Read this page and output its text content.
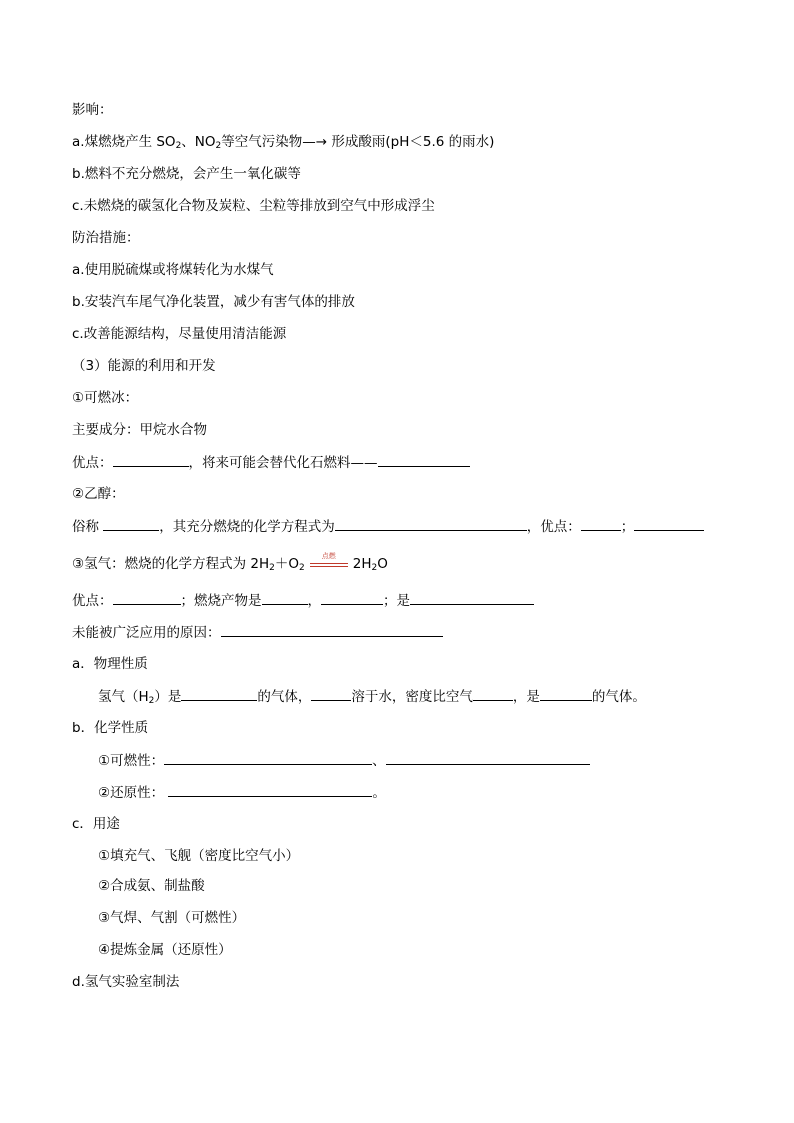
影响：
a.煤燃烧产生 $SO_2$、$NO_2$等空气污染物—→ 形成酸雨(pH＜5.6 的雨水)
b.燃料不充分燃烧，会产生一氧化碳等
c.未燃烧的碳氢化合物及炭粒、尘粒等排放到空气中形成浮尘
防治措施：
a.使用脱硫煤或将煤转化为水煤气
b.安装汽车尾气净化装置，减少有害气体的排放
c.改善能源结构，尽量使用清洁能源
（3）能源的利用和开发
①可燃冰：
主要成分：甲烷水合物
优点：	，将来可能会替代化石燃料——
②乙醇：
俗称	，其充分燃烧的化学方程式为	，优点：	；
③氢气：燃烧的化学方程式为 $2H_2+O_2$
点燃	$2H_2O$
优点：	；燃烧产物是	，	；是
未能被广泛应用的原因：
a．物理性质
氢气$(H_2)$是	的气体，	溶于水，密度比空气	，是	的气体。
b．化学性质
①可燃性：	、
②还原性：	。
c．用途
①填充气、飞舰（密度比空气小）
②合成氨、制盐酸
③气焊、气割（可燃性）
④提炼金属（还原性）
d.氢气实验室制法
